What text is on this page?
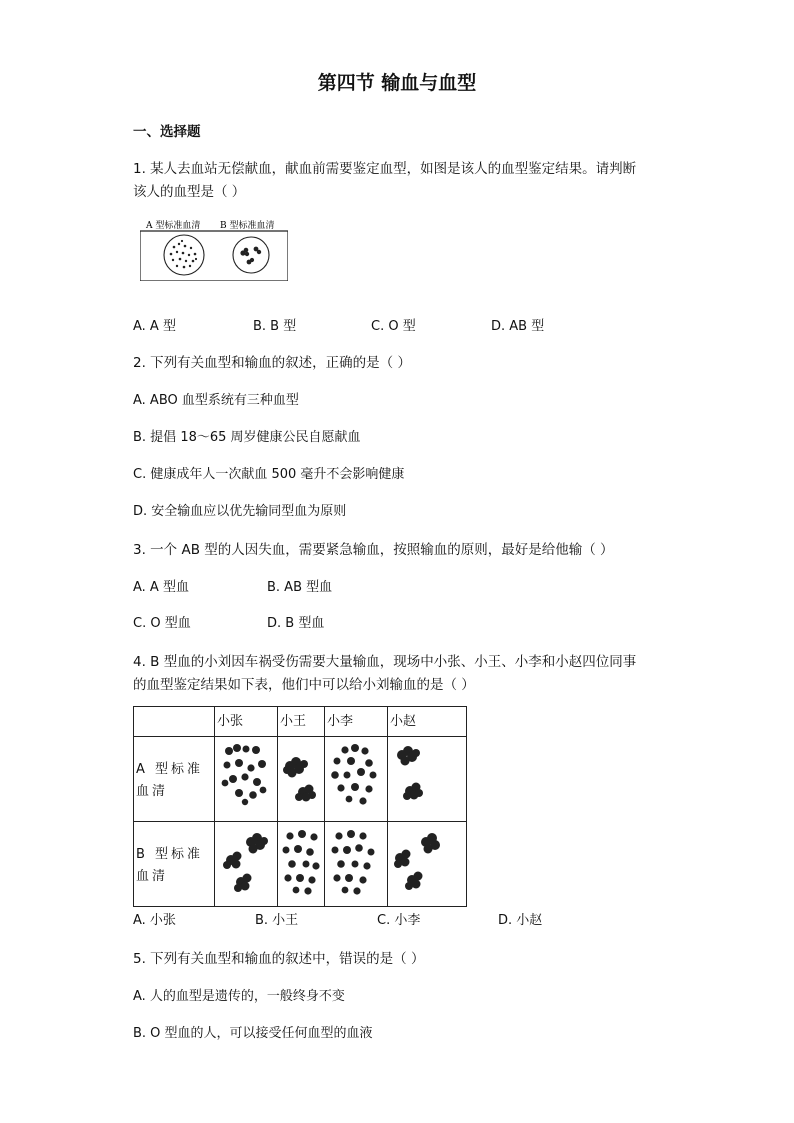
第四节 输血与血型
一、选择题
1. 某人去血站无偿献血，献血前需要鉴定血型，如图是该人的血型鉴定结果。请判断
该人的血型是（ ）
A 型标准血清 B 型标准血清
A. A 型	B. B 型	C. O 型	D. AB 型
2. 下列有关血型和输血的叙述，正确的是（ ）
A. ABO 血型系统有三种血型
B. 提倡 18～65 周岁健康公民自愿献血
C. 健康成年人一次献血 500 毫升不会影响健康
D. 安全输血应以优先输同型血为原则
3. 一个 AB 型的人因失血，需要紧急输血，按照输血的原则，最好是给他输（ ）
A. A 型血	B. AB 型血
C. O 型血	D. B 型血
4. B 型血的小刘因车祸受伤需要大量输血，现场中小张、小王、小李和小赵四位同事
的血型鉴定结果如下表，他们中可以给小刘输血的是（ ）
	小张	小王	小李	小赵
A 型标准血清	

B 型标准血清	

A. 小张	B. 小王	C. 小李	D. 小赵
5. 下列有关血型和输血的叙述中，错误的是（ ）
A. 人的血型是遗传的，一般终身不变
B. O 型血的人，可以接受任何血型的血液
